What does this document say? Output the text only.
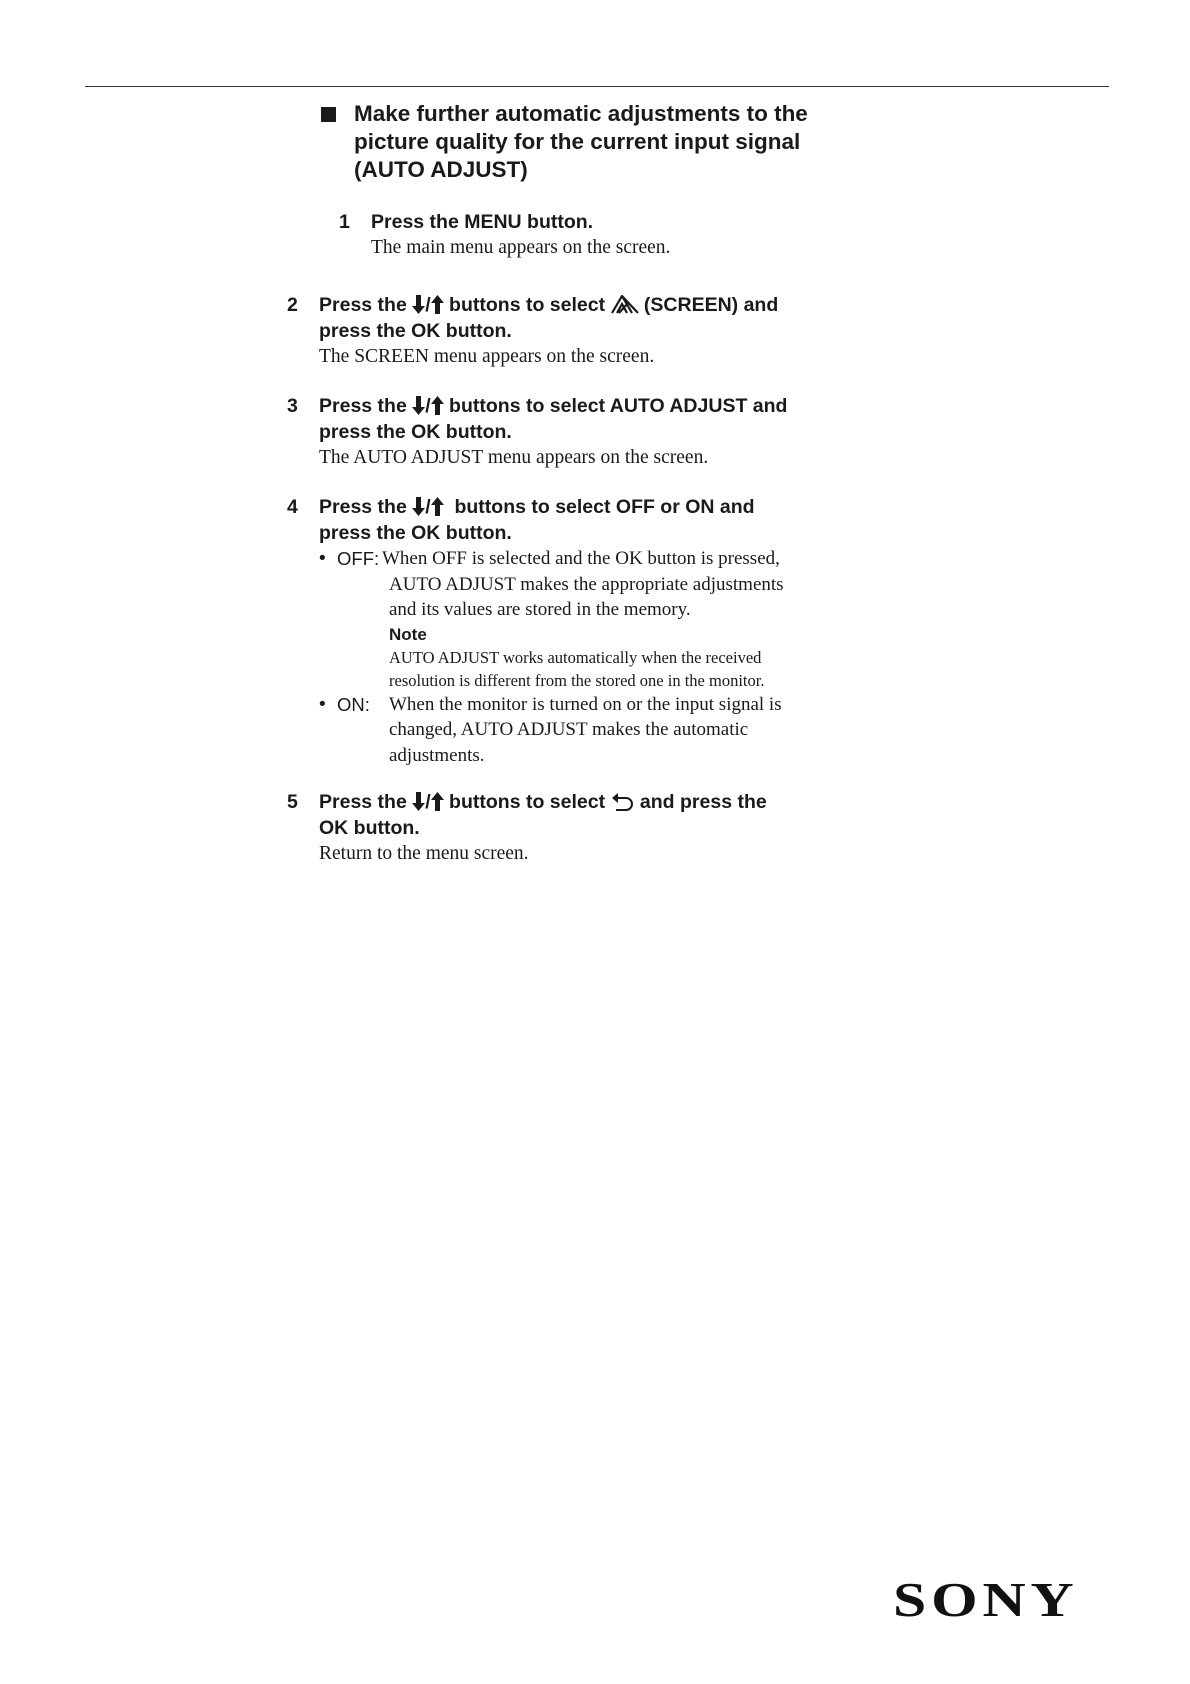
Make further automatic adjustments to the
picture quality for the current input signal
(AUTO ADJUST)
1 Press the MENU button.
The main menu appears on the screen.
2 Press the
/
buttons to select
(SCREEN) and
press the OK button.
The SCREEN menu appears on the screen.
3 Press the
/
buttons to select AUTO ADJUST and
press the OK button.
The AUTO ADJUST menu appears on the screen.
4 Press the
/
buttons to select OFF or ON and
press the OK button.
• OFF: When OFF is selected and the OK button is pressed,
AUTO ADJUST makes the appropriate adjustments
and its values are stored in the memory.
Note
AUTO ADJUST works automatically when the received
resolution is different from the stored one in the monitor.
• ON: When the monitor is turned on or the input signal is
changed, AUTO ADJUST makes the automatic
adjustments.
5 Press the
/
buttons to select
and press the
OK button.
Return to the menu screen.
SONY
